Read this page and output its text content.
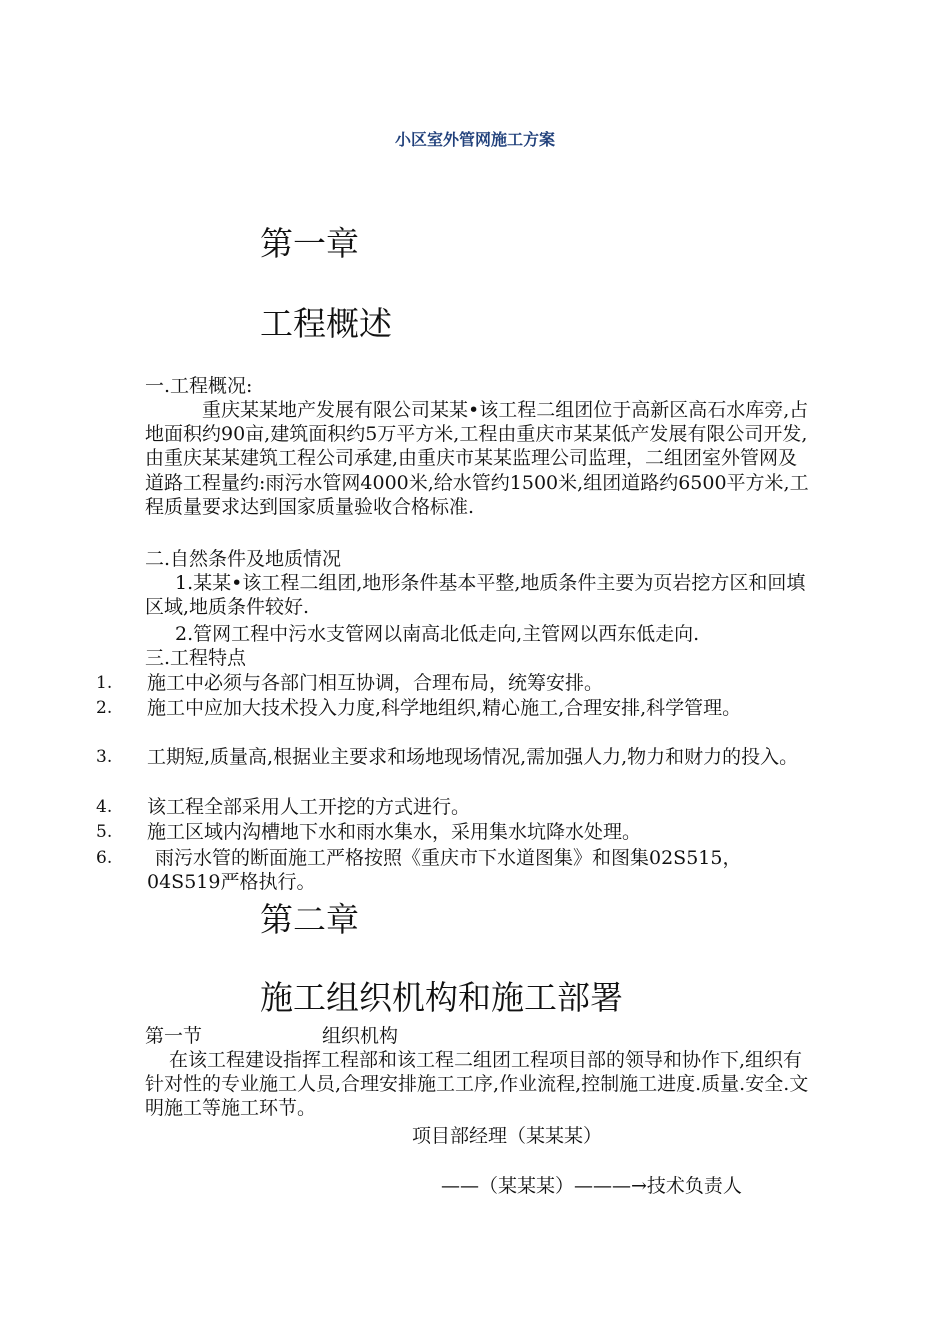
小区室外管网施工方案
第一章
工程概述
一.工程概况:
重庆某某地产发展有限公司某某•该工程二组团位于高新区高石水库旁,占地面积约90亩,建筑面积约5万平方米,工程由重庆市某某低产发展有限公司开发,由重庆某某建筑工程公司承建,由重庆市某某监理公司监理，二组团室外管网及道路工程量约:雨污水管网4000米,给水管约1500米,组团道路约6500平方米,工程质量要求达到国家质量验收合格标准.
二.自然条件及地质情况
1.某某•该工程二组团,地形条件基本平整,地质条件主要为页岩挖方区和回填区域,地质条件较好.
2.管网工程中污水支管网以南高北低走向,主管网以西东低走向.
三.工程特点
1. 施工中必须与各部门相互协调，合理布局，统筹安排。
2. 施工中应加大技术投入力度,科学地组织,精心施工,合理安排,科学管理。
3. 工期短,质量高,根据业主要求和场地现场情况,需加强人力,物力和财力的投入。
4. 该工程全部采用人工开挖的方式进行。
5. 施工区域内沟槽地下水和雨水集水，采用集水坑降水处理。
6.	雨污水管的断面施工严格按照《重庆市下水道图集》和图集02S515，04S519严格执行。
第二章
施工组织机构和施工部署
第一节	组织机构
在该工程建设指挥工程部和该工程二组团工程项目部的领导和协作下,组织有针对性的专业施工人员,合理安排施工工序,作业流程,控制施工进度.质量.安全.文明施工等施工环节。
项目部经理（某某某）
——（某某某）———→技术负责人
